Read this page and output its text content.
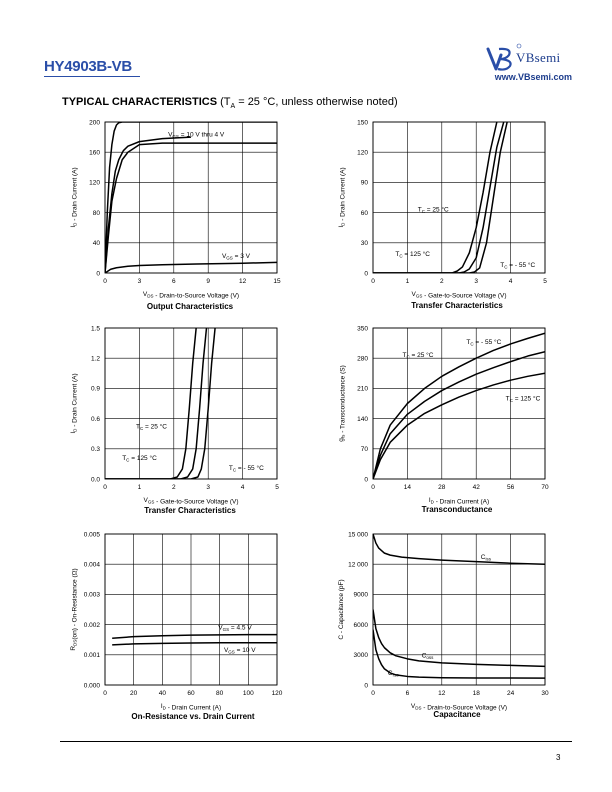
HY4903B-VB
VBsemi
www.VBsemi.com
TYPICAL CHARACTERISTICS ($T_A = 25$ °C, unless otherwise noted)
0	3	6	9	12	15
0
40
80
120
160
200
$V_{DS}$ - Drain-to-Source Voltage (V)
$I_D$ - Drain Current (A)
$V_{GS} = 10$ V thru 4 V
$V_{GS} = 3$ V
Output Characteristics
0	1	2	3	4	5
0
30
60
90
120
150
$V_{GS}$ - Gate-to-Source Voltage (V)
$I_D$ - Drain Current (A)	$T_C = 25$ °C
$T_C = 125$ °C
$T_C$ = - 55 °C
Transfer Characteristics
0	1	2	3	4	5
0.0
0.3
0.6
0.9
1.2
1.5
$V_{GS}$ - Gate-to-Source Voltage (V)
$I_D$ - Drain Current (A)	$T_C = 25$ °C
$T_C = 125$ °C
$T_C$ = - 55 °C
Transfer Characteristics
0	14	28	42	56	70
0
70
140
210
280
350
$I_D$ - Drain Current (A)
$g_{fs}$ - Transconductance (S)
$T_C$ = - 55 °C
$T_C = 25$ °C
$T_C = 125$ °C
Transconductance
0	20	40	60	80	100	120
0.000
0.001
0.002
0.003
0.004
0.005
$I_D$ - Drain Current (A)
$R_{DS}(on)$ - On-Resistance (Ω)	$V_{GS} = 4.5$ V
$V_{GS} = 10$ V
On-Resistance vs. Drain Current
0	6	12	18	24	30
0
3000
6000
9000
12 000
15 000
$V_{DS}$ - Drain-to-Source Voltage (V)
C - Capacitance (pF)
$C_{iss}$
$C_{oss}$
$C_{rss}$
Capacitance
3
